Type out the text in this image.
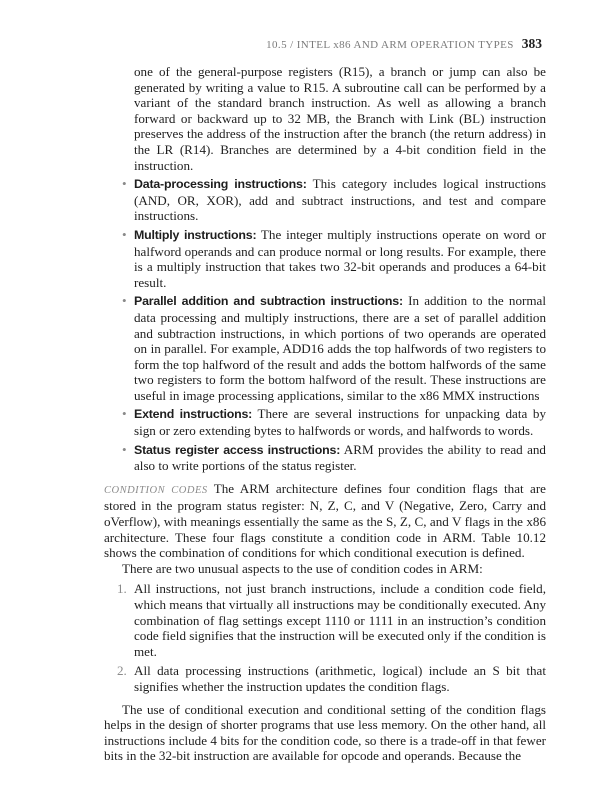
10.5 / INTEL x86 AND ARM OPERATION TYPES 383

one of the general-purpose registers (R15), a branch or jump can also be generated by writing a value to R15. A subroutine call can be performed by a variant of the standard branch instruction. As well as allowing a branch forward or backward up to 32 MB, the Branch with Link (BL) instruction preserves the address of the instruction after the branch (the return address) in the LR (R14). Branches are determined by a 4-bit condition field in the instruction.

• Data-processing instructions: This category includes logical instructions (AND, OR, XOR), add and subtract instructions, and test and compare instructions.
• Multiply instructions: The integer multiply instructions operate on word or halfword operands and can produce normal or long results. For example, there is a multiply instruction that takes two 32-bit operands and produces a 64-bit result.
• Parallel addition and subtraction instructions: In addition to the normal data processing and multiply instructions, there are a set of parallel addition and subtraction instructions, in which portions of two operands are operated on in parallel. For example, ADD16 adds the top halfwords of two registers to form the top halfword of the result and adds the bottom halfwords of the same two registers to form the bottom halfword of the result. These instructions are useful in image processing applications, similar to the x86 MMX instructions
• Extend instructions: There are several instructions for unpacking data by sign or zero extending bytes to halfwords or words, and halfwords to words.
• Status register access instructions: ARM provides the ability to read and also to write portions of the status register.

CONDITION CODES The ARM architecture defines four condition flags that are stored in the program status register: N, Z, C, and V (Negative, Zero, Carry and oVerflow), with meanings essentially the same as the S, Z, C, and V flags in the x86 architecture. These four flags constitute a condition code in ARM. Table 10.12 shows the combination of conditions for which conditional execution is defined.

There are two unusual aspects to the use of condition codes in ARM:

1. All instructions, not just branch instructions, include a condition code field, which means that virtually all instructions may be conditionally executed. Any combination of flag settings except 1110 or 1111 in an instruction’s condition code field signifies that the instruction will be executed only if the condition is met.
2. All data processing instructions (arithmetic, logical) include an S bit that signifies whether the instruction updates the condition flags.

The use of conditional execution and conditional setting of the condition flags helps in the design of shorter programs that use less memory. On the other hand, all instructions include 4 bits for the condition code, so there is a trade-off in that fewer bits in the 32-bit instruction are available for opcode and operands. Because the
